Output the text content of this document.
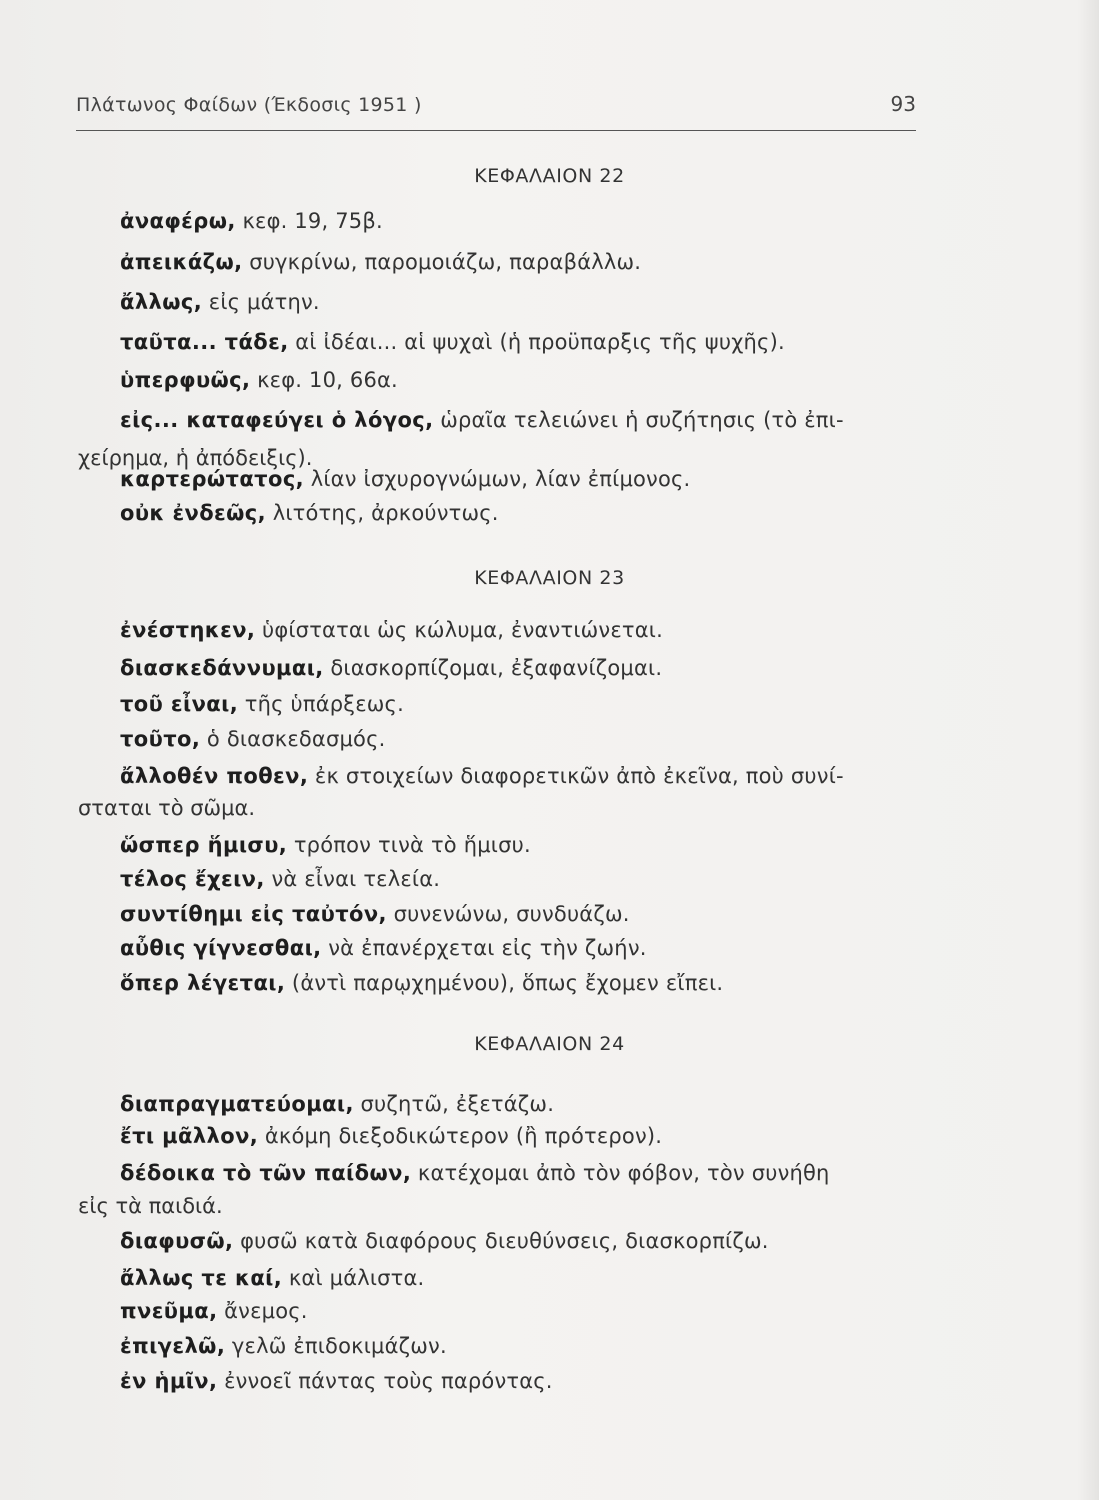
Πλάτωνος Φαίδων (Έκδοσις 1951 )	93
ΚΕΦΑΛΑΙΟΝ 22
ἀναφέρω, κεφ. 19, 75β.
ἀπεικάζω, συγκρίνω, παρομοιάζω, παραβάλλω.
ἄλλως, εἰς μάτην.
ταῦτα... τάδε, αἱ ἰδέαι... αἱ ψυχαὶ (ἡ προϋπαρξις τῆς ψυχῆς).
ὑπερφυῶς, κεφ. 10, 66α.
εἰς... καταφεύγει ὁ λόγος, ὡραῖα τελειώνει ἡ συζήτησις (τὸ ἐπι-
χείρημα, ἡ ἀπόδειξις).
καρτερώτατος, λίαν ἰσχυρογνώμων, λίαν ἐπίμονος.
οὐκ ἐνδεῶς, λιτότης, ἀρκούντως.
ΚΕΦΑΛΑΙΟΝ 23
ἐνέστηκεν, ὑφίσταται ὡς κώλυμα, ἐναντιώνεται.
διασκεδάννυμαι, διασκορπίζομαι, ἐξαφανίζομαι.
τοῦ εἶναι, τῆς ὑπάρξεως.
τοῦτο, ὁ διασκεδασμός.
ἄλλοθέν ποθεν, ἐκ στοιχείων διαφορετικῶν ἀπὸ ἐκεῖνα, ποὺ συνί-
σταται τὸ σῶμα.
ὥσπερ ἥμισυ, τρόπον τινὰ τὸ ἥμισυ.
τέλος ἔχειν, νὰ εἶναι τελεία.
συντίθημι εἰς ταὐτόν, συνενώνω, συνδυάζω.
αὖθις γίγνεσθαι, νὰ ἐπανέρχεται εἰς τὴν ζωήν.
ὅπερ λέγεται, (ἀντὶ παρῳχημένου), ὅπως ἔχομεν εἴπει.
ΚΕΦΑΛΑΙΟΝ 24
διαπραγματεύομαι, συζητῶ, ἐξετάζω.
ἔτι μᾶλλον, ἀκόμη διεξοδικώτερον (ἢ πρότερον).
δέδοικα τὸ τῶν παίδων, κατέχομαι ἀπὸ τὸν φόβον, τὸν συνήθη
εἰς τὰ παιδιά.
διαφυσῶ, φυσῶ κατὰ διαφόρους διευθύνσεις, διασκορπίζω.
ἄλλως τε καί, καὶ μάλιστα.
πνεῦμα, ἄνεμος.
ἐπιγελῶ, γελῶ ἐπιδοκιμάζων.
ἐν ἡμῖν, ἐννοεῖ πάντας τοὺς παρόντας.
